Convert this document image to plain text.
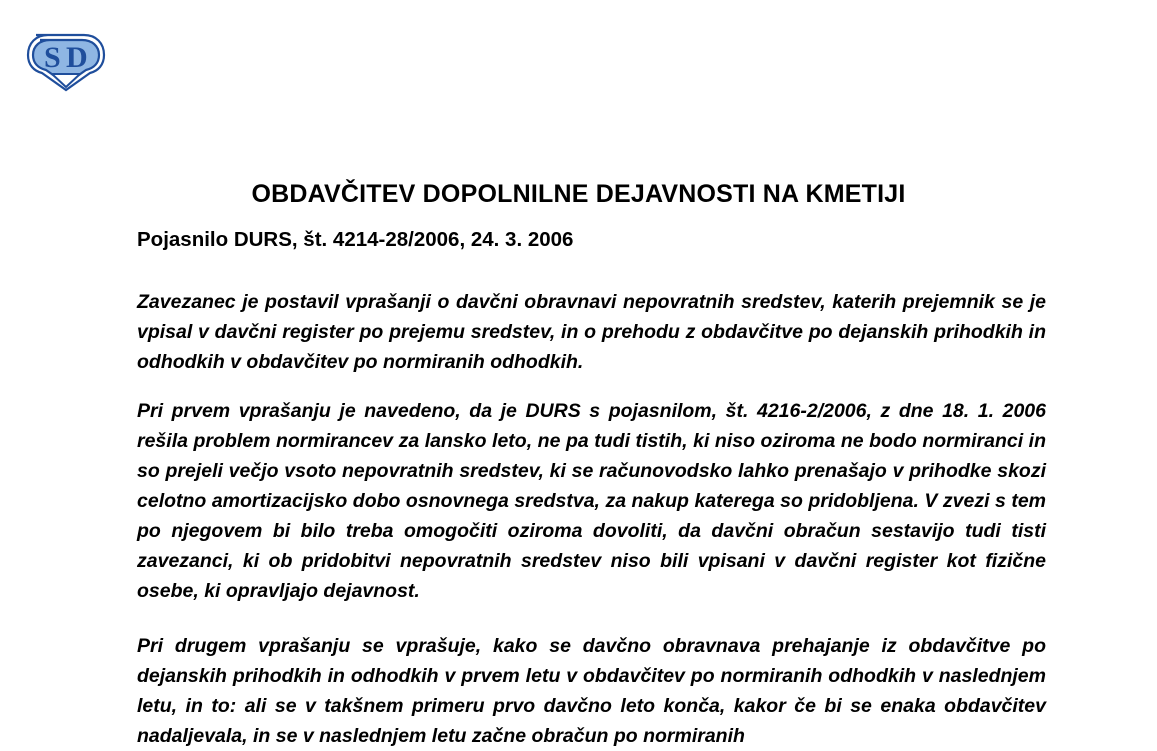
S D
OBDAVČITEV DOPOLNILNE DEJAVNOSTI NA KMETIJI
Pojasnilo DURS, št. 4214-28/2006, 24. 3. 2006
Zavezanec je postavil vprašanji o davčni obravnavi nepovratnih sredstev, katerih prejemnik se je vpisal v davčni register po prejemu sredstev, in o prehodu z obdavčitve po dejanskih prihodkih in odhodkih v obdavčitev po normiranih odhodkih.
Pri prvem vprašanju je navedeno, da je DURS s pojasnilom, št. 4216-2/2006, z dne 18. 1. 2006 rešila problem normirancev za lansko leto, ne pa tudi tistih, ki niso oziroma ne bodo normiranci in so prejeli večjo vsoto nepovratnih sredstev, ki se računovodsko lahko prenašajo v prihodke skozi celotno amortizacijsko dobo osnovnega sredstva, za nakup katerega so pridobljena. V zvezi s tem po njegovem bi bilo treba omogočiti oziroma dovoliti, da davčni obračun sestavijo tudi tisti zavezanci, ki ob pridobitvi nepovratnih sredstev niso bili vpisani v davčni register kot fizične osebe, ki opravljajo dejavnost.
Pri drugem vprašanju se vprašuje, kako se davčno obravnava prehajanje iz obdavčitve po dejanskih prihodkih in odhodkih v prvem letu v obdavčitev po normiranih odhodkih v naslednjem letu, in to: ali se v takšnem primeru prvo davčno leto konča, kakor če bi se enaka obdavčitev nadaljevala, in se v naslednjem letu začne obračun po normiranih
